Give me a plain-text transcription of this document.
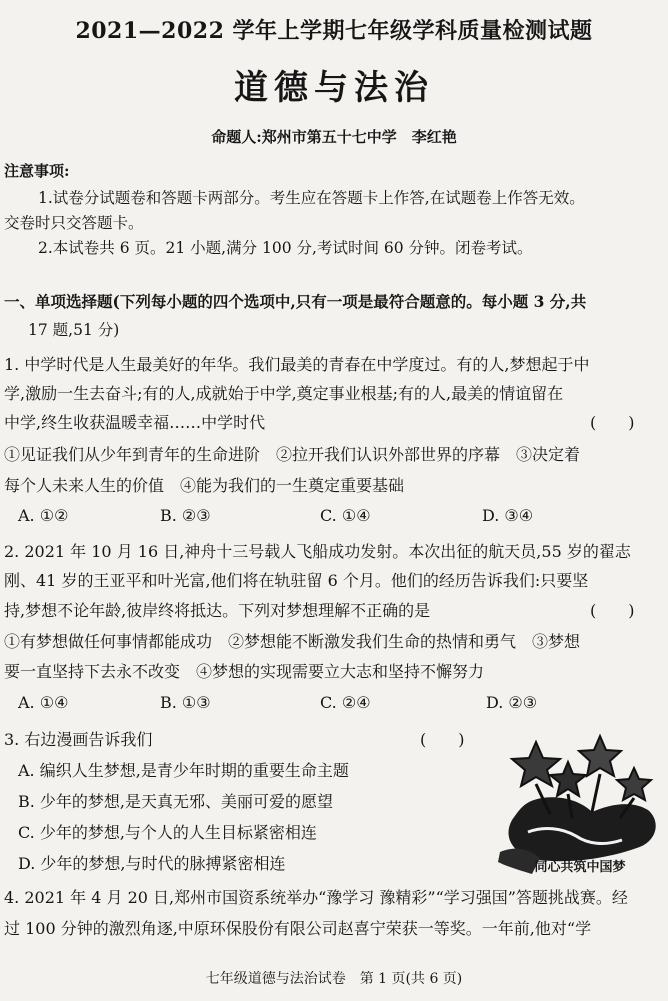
2021—2022 学年上学期七年级学科质量检测试题
道德与法治
命题人:郑州市第五十七中学　李红艳
注意事项:
1.试卷分试题卷和答题卡两部分。考生应在答题卡上作答,在试题卷上作答无效。
交卷时只交答题卡。
2.本试卷共 6 页。21 小题,满分 100 分,考试时间 60 分钟。闭卷考试。
一、单项选择题(下列每小题的四个选项中,只有一项是最符合题意的。每小题 3 分,共
17 题,51 分)
1. 中学时代是人生最美好的年华。我们最美的青春在中学度过。有的人,梦想起于中
学,激励一生去奋斗;有的人,成就始于中学,奠定事业根基;有的人,最美的情谊留在
中学,终生收获温暖幸福……中学时代	(　　)
①见证我们从少年到青年的生命进阶　②拉开我们认识外部世界的序幕　③决定着
每个人未来人生的价值　④能为我们的一生奠定重要基础
A. ①②	B. ②③	C. ①④	D. ③④
2. 2021 年 10 月 16 日,神舟十三号载人飞船成功发射。本次出征的航天员,55 岁的翟志
刚、41 岁的王亚平和叶光富,他们将在轨驻留 6 个月。他们的经历告诉我们:只要坚
持,梦想不论年龄,彼岸终将抵达。下列对梦想理解不正确的是	(　　)
①有梦想做任何事情都能成功　②梦想能不断激发我们生命的热情和勇气　③梦想
要一直坚持下去永不改变　④梦想的实现需要立大志和坚持不懈努力
A. ①④	B. ①③	C. ②④	D. ②③
3. 右边漫画告诉我们	(　　)
A. 编织人生梦想,是青少年时期的重要生命主题
B. 少年的梦想,是天真无邪、美丽可爱的愿望
C. 少年的梦想,与个人的人生目标紧密相连
D. 少年的梦想,与时代的脉搏紧密相连	同心共筑中国梦
4. 2021 年 4 月 20 日,郑州市国资系统举办“豫学习 豫精彩”“学习强国”答题挑战赛。经
过 100 分钟的激烈角逐,中原环保股份有限公司赵喜宁荣获一等奖。一年前,他对“学
七年级道德与法治试卷　第 1 页(共 6 页)
